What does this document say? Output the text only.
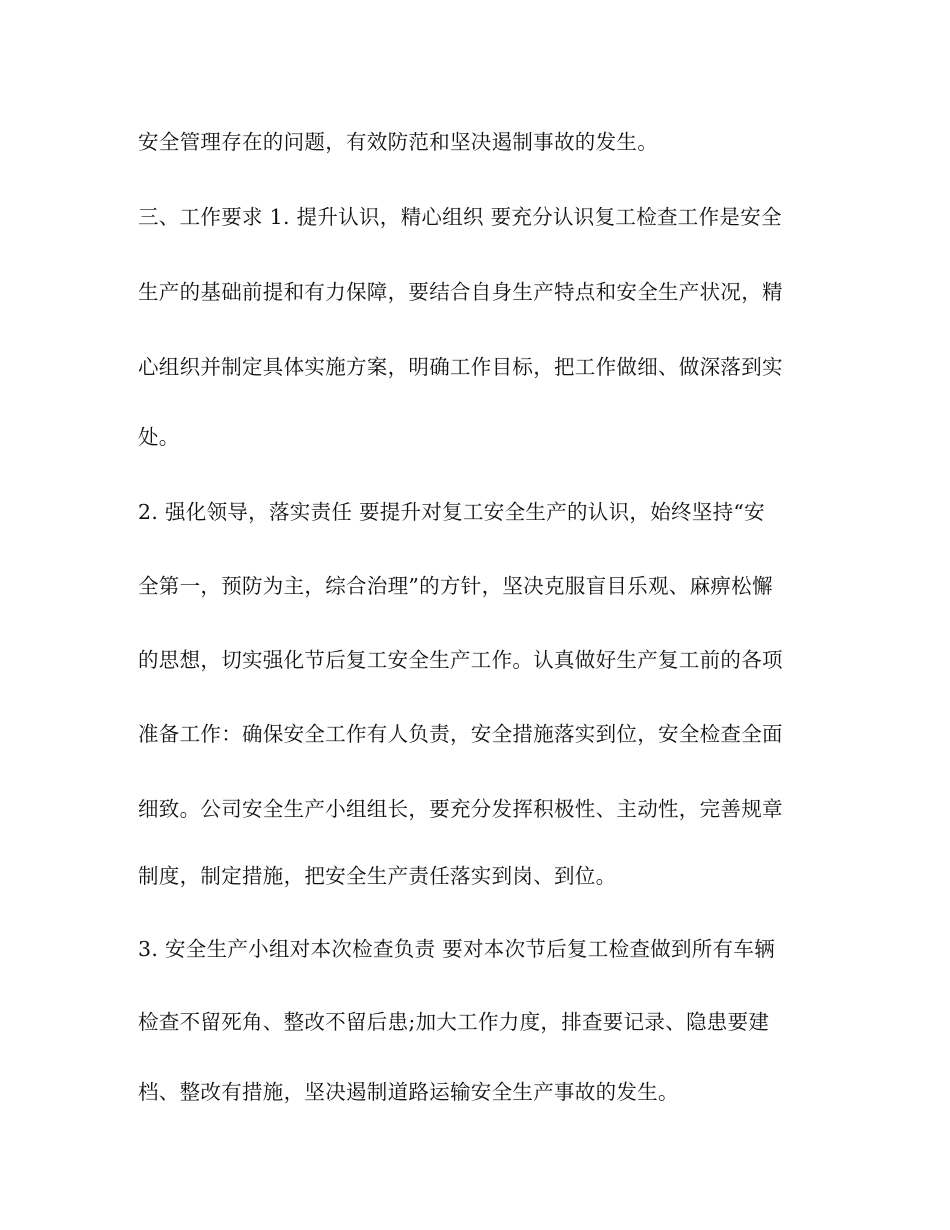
安全管理存在的问题，有效防范和坚决遏制事故的发生。
三、工作要求 1. 提升认识，精心组织 要充分认识复工检查工作是安全
生产的基础前提和有力保障，要结合自身生产特点和安全生产状况，精
心组织并制定具体实施方案，明确工作目标，把工作做细、做深落到实
处。
2. 强化领导，落实责任 要提升对复工安全生产的认识，始终坚持“安
全第一，预防为主，综合治理”的方针，坚决克服盲目乐观、麻痹松懈
的思想，切实强化节后复工安全生产工作。认真做好生产复工前的各项
准备工作：确保安全工作有人负责，安全措施落实到位，安全检查全面
细致。公司安全生产小组组长，要充分发挥积极性、主动性，完善规章
制度，制定措施，把安全生产责任落实到岗、到位。
3. 安全生产小组对本次检查负责 要对本次节后复工检查做到所有车辆
检查不留死角、整改不留后患;加大工作力度，排查要记录、隐患要建
档、整改有措施，坚决遏制道路运输安全生产事故的发生。
